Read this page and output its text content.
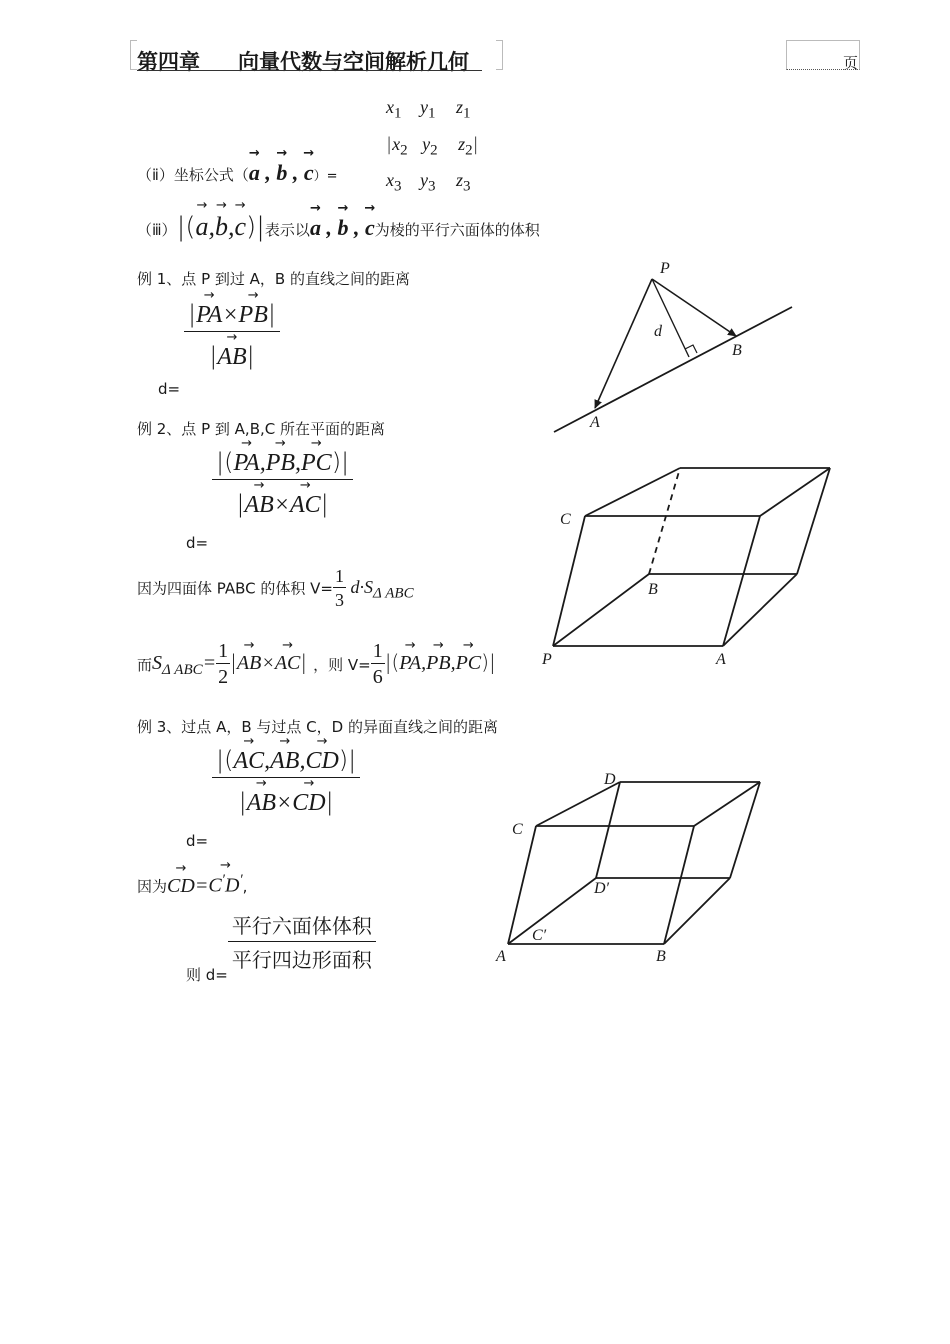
第四章 向量代数与空间解析几何	页
$x_1$ $y_1$ $z_1$
$|x_2$ $y_2$ $z_2|$
$x_3$ $y_3$ $z_3$
（ⅱ）坐标公式（→ a , → b , → c）=
（ⅲ）|(→ a,→ b,→ c)|表示以→ a , → b , → c为棱的平行六面体的体积
例 1、点 P 到过 A，B 的直线之间的距离
d=
$\frac{|\to PA\times\to PB|}{|\to AB|}$
例 2、点 P 到 A,B,C 所在平面的距离
d=
$\frac{|(\to PA,\to PB,\to PC)|}{|\to AB\times\to AC|}$
因为四面体 PABC 的体积 $V= \frac{1}{3} d\cdot S_{\Delta ABC}$
而$S_{\Delta ABC}= \frac{1}{2}$ |→ AB×→ AC| ，则 $V= \frac{1}{6}$ |(→ PA,→ PB,→ PC)|
例 3、过点 A，B 与过点 C，D 的异面直线之间的距离
d=
$\frac{|(\to AC,\to AB,\to CD)|}{|\to AB\times\to CD|}$
因为→ CD=→ C′D′,
则 d=
$\frac{\text{平行六面体体积}}{\text{平行四边形面积}}$
P
A
B
d
C
B
P	A
D
C
D′
C′
A	B
